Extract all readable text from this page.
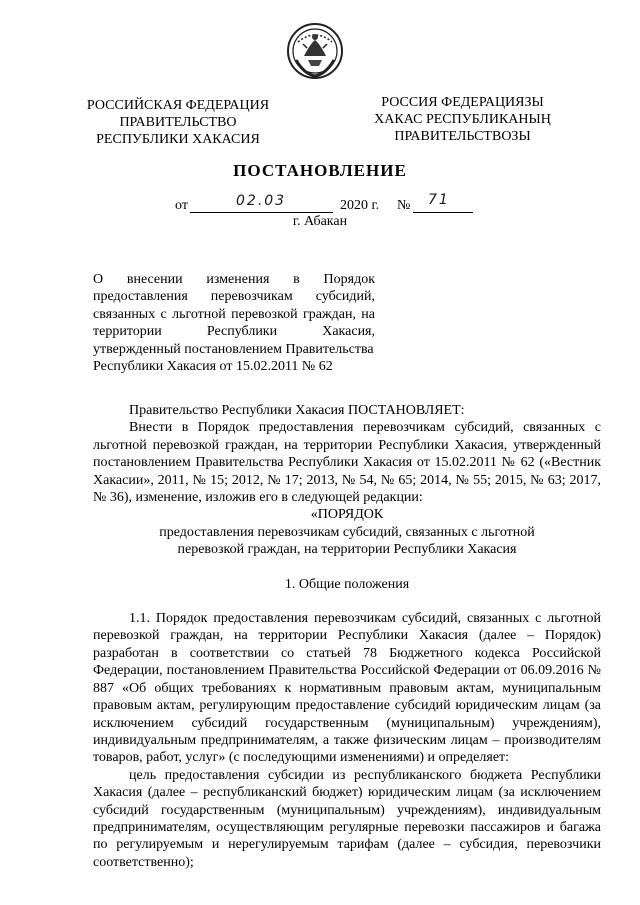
РОССИЙСКАЯ ФЕДЕРАЦИЯ
ПРАВИТЕЛЬСТВО
РЕСПУБЛИКИ ХАКАСИЯ
РОССИЯ ФЕДЕРАЦИЯЗЫ
ХАКАС РЕСПУБЛИКАНЫҢ
ПРАВИТЕЛЬСТВОЗЫ
ПОСТАНОВЛЕНИЕ
от	02.03	2020 г. № 71
г. Абакан
О внесении изменения в Порядок
предоставления перевозчикам субсидий,
связанных с льготной перевозкой граждан, на
территории Республики Хакасия,
утвержденный постановлением Правительства
Республики Хакасия от 15.02.2011 № 62

Правительство Республики Хакасия ПОСТАНОВЛЯЕТ:

Внести в Порядок предоставления перевозчикам субсидий, связанных с льготной перевозкой граждан, на территории Республики Хакасия, утвержденный постановлением Правительства Республики Хакасия от 15.02.2011 № 62 («Вестник Хакасии», 2011, № 15; 2012, № 17; 2013, № 54, № 65; 2014, № 55; 2015, № 63; 2017, № 36), изменение, изложив его в следующей редакции:

«ПОРЯДОК

предоставления перевозчикам субсидий, связанных с льготной

перевозкой граждан, на территории Республики Хакасия

1. Общие положения

1.1. Порядок предоставления перевозчикам субсидий, связанных с льготной перевозкой граждан, на территории Республики Хакасия (далее – Порядок) разработан в соответствии со статьей 78 Бюджетного кодекса Российской Федерации, постановлением Правительства Российской Федерации от 06.09.2016 № 887 «Об общих требованиях к нормативным правовым актам, муниципальным правовым актам, регулирующим предоставление субсидий юридическим лицам (за исключением субсидий государственным (муниципальным) учреждениям), индивидуальным предпринимателям, а также физическим лицам – производителям товаров, работ, услуг» (с последующими изменениями) и определяет:

цель предоставления субсидии из республиканского бюджета Республики Хакасия (далее – республиканский бюджет) юридическим лицам (за исключением субсидий государственным (муниципальным) учреждениям), индивидуальным предпринимателям, осуществляющим регулярные перевозки пассажиров и багажа по регулируемым и нерегулируемым тарифам (далее – субсидия, перевозчики соответственно);
